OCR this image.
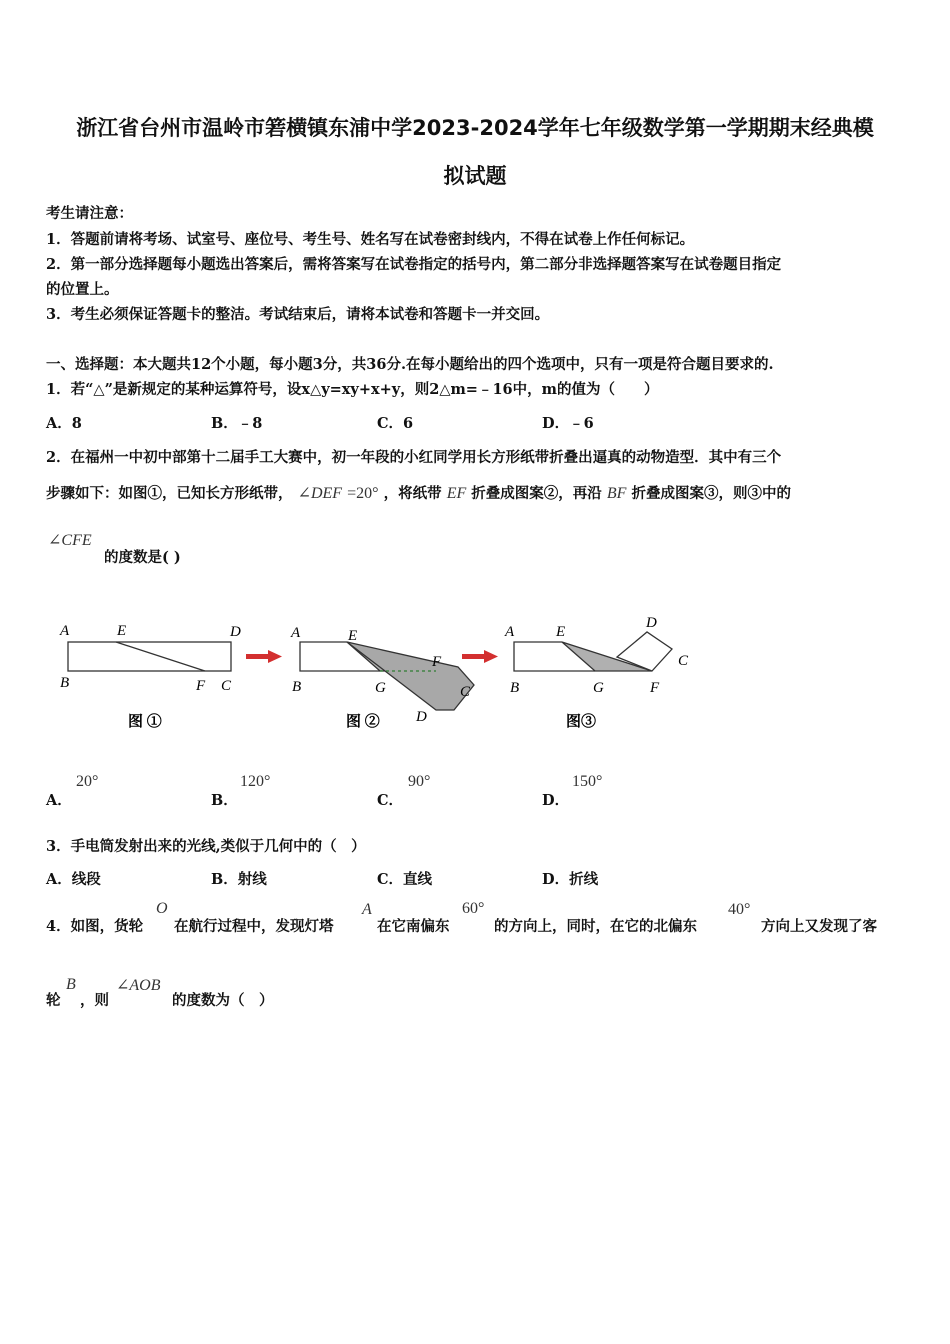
浙江省台州市温岭市箬横镇东浦中学2023-2024学年七年级数学第一学期期末经典模
拟试题
考生请注意：
1．答题前请将考场、试室号、座位号、考生号、姓名写在试卷密封线内，不得在试卷上作任何标记。
2．第一部分选择题每小题选出答案后，需将答案写在试卷指定的括号内，第二部分非选择题答案写在试卷题目指定
的位置上。
3．考生必须保证答题卡的整洁。考试结束后，请将本试卷和答题卡一并交回。
一、选择题：本大题共12个小题，每小题3分，共36分.在每小题给出的四个选项中，只有一项是符合题目要求的.
1．若“△”是新规定的某种运算符号，设x△y=xy+x+y，则2△m=﹣16中，m的值为（　　）
A．8	B．﹣8	C．6	D．﹣6
2．在福州一中初中部第十二届手工大赛中，初一年段的小红同学用长方形纸带折叠出逼真的动物造型．其中有三个
步骤如下：如图①，已知长方形纸带， ∠DEF =20° ，将纸带 EF 折叠成图案②，再沿 BF 折叠成图案③，则③中的
∠CFE
的度数是( )
A	E	D
B	F C
图 ①
A	E
F
B	G	C
D
图 ②
A	E
D
C
B	G	F
图③
A．
20°
B．
120°
C．
90°
D．
150°
3．手电筒发射出来的光线,类似于几何中的（　）
A．线段	B．射线	C．直线	D．折线
4．如图，货轮
O
在航行过程中，发现灯塔
A
在它南偏东
60°
的方向上，同时，在它的北偏东
40°
方向上又发现了客
轮
B
，则
∠AOB
的度数为（　）
